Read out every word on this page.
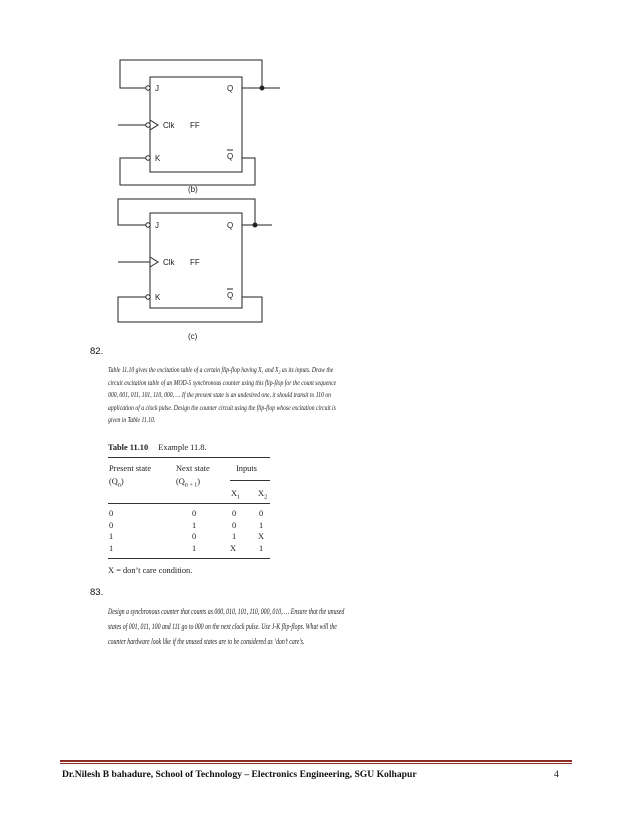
J	Q
Clk FF
K	Q
(b)
J	Q
Clk FF
K	Q
(c)
82.
Table 11.10 gives the excitation table of a certain flip-flop having X₁ and X₂ as its inputs. Draw the
circuit excitation table of an MOD-5 synchronous counter using this flip-flop for the count sequence
000, 001, 011, 101, 110, 000, … If the present state is an undesired one, it should transit to 110 on
application of a clock pulse. Design the counter circuit using the flip-flop whose excitation circuit is
given in Table 11.10.
Table 11.10 Example 11.8.
Present state	Next state	Inputs
$(Q_n)$	$(Q_{n + 1})$
$X_1$ $X_2$
0	0	0	0
0	1	0	1
1	0	1	X
1	1	X	1
X = don’t care condition.
83.
Design a synchronous counter that counts as 000, 010, 101, 110, 000, 010, … Ensure that the unused
states of 001, 011, 100 and 111 go to 000 on the next clock pulse. Use J-K flip-flops. What will the
counter hardware look like if the unused states are to be considered as ‘don’t care’s.
Dr.Nilesh B bahadure, School of Technology – Electronics Engineering, SGU Kolhapur	4
